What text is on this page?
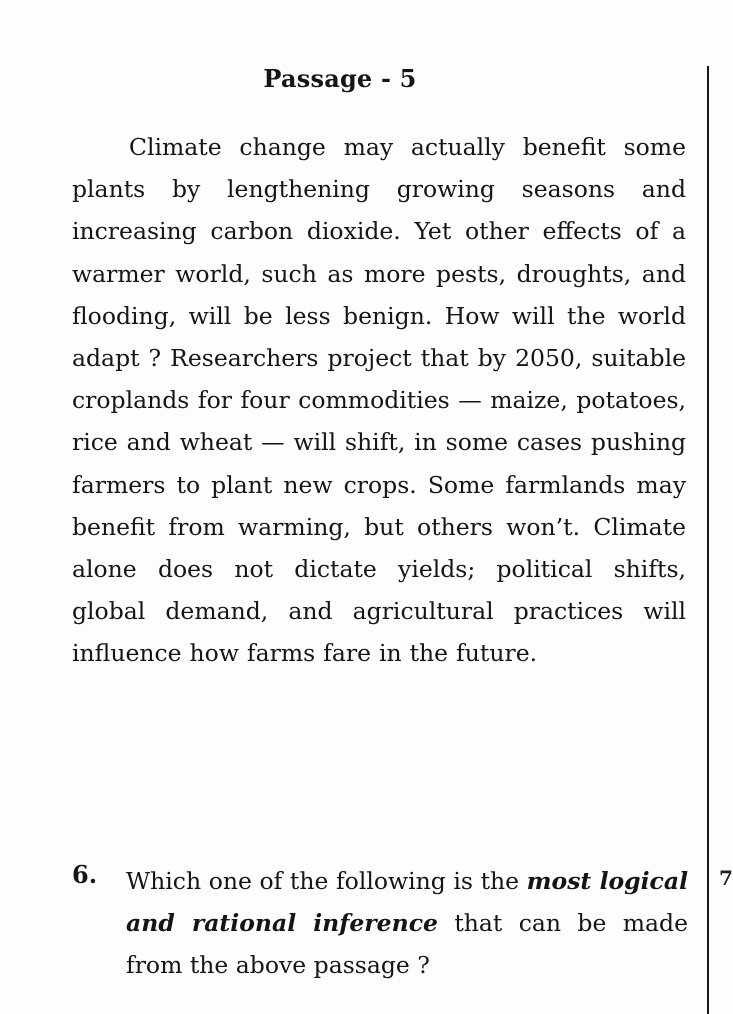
Passage - 5

Climate change may actually benefit some plants by lengthening growing seasons and increasing carbon dioxide. Yet other effects of a warmer world, such as more pests, droughts, and flooding, will be less benign. How will the world adapt ? Researchers project that by 2050, suitable croplands for four commodities — maize, potatoes, rice and wheat — will shift, in some cases pushing farmers to plant new crops. Some farmlands may benefit from warming, but others won’t. Climate alone does not dictate yields; political shifts, global demand, and agricultural practices will influence how farms fare in the future.

6. Which one of the following is the most logical and rational inference that can be made from the above passage ?

7
